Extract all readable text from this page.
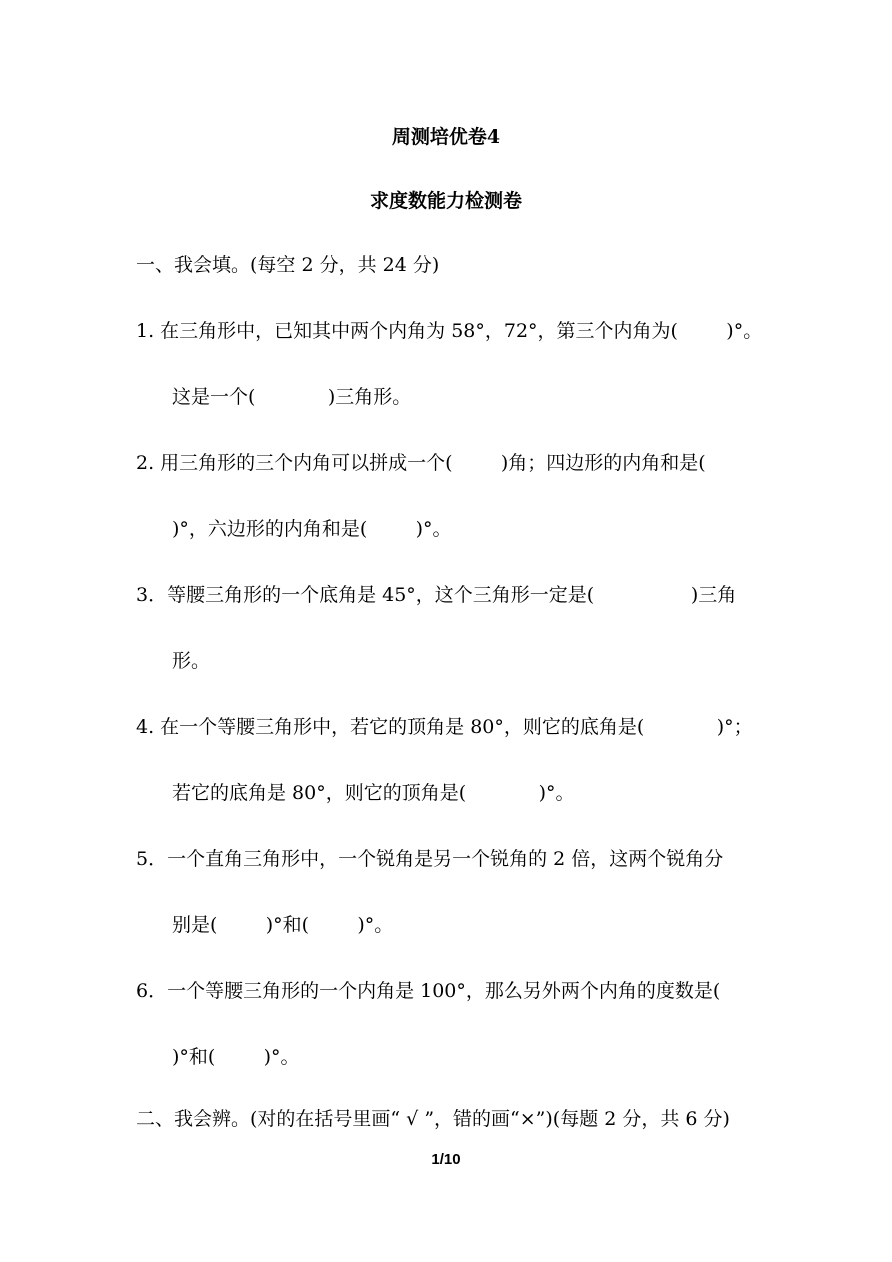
周测培优卷4
求度数能力检测卷
一、我会填。(每空 2 分，共 24 分)
1. 在三角形中，已知其中两个内角为 58°，72°，第三个内角为(        )°。
这是一个(            )三角形。
2. 用三角形的三个内角可以拼成一个(        )角；四边形的内角和是(
)°，六边形的内角和是(        )°。
3．等腰三角形的一个底角是 45°，这个三角形一定是(                )三角
形。
4. 在一个等腰三角形中，若它的顶角是 80°，则它的底角是(            )°；
若它的底角是 80°，则它的顶角是(            )°。
5．一个直角三角形中，一个锐角是另一个锐角的 2 倍，这两个锐角分
别是(        )°和(        )°。
6．一个等腰三角形的一个内角是 100°，那么另外两个内角的度数是(
)°和(        )°。
二、我会辨。(对的在括号里画“ √ ”，错的画“×”)(每题 2 分，共 6 分)
1/10
